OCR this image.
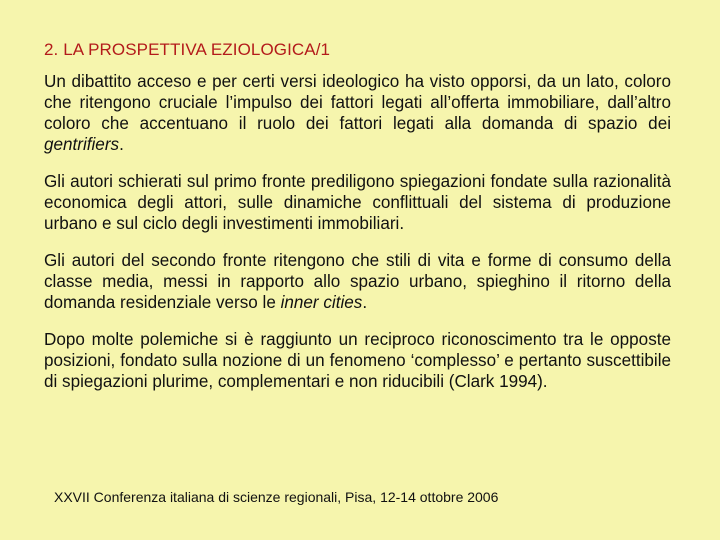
2. LA PROSPETTIVA EZIOLOGICA/1

Un dibattito acceso e per certi versi ideologico ha visto opporsi, da un lato, coloro che ritengono cruciale l’impulso dei fattori legati all’offerta immobiliare, dall’altro coloro che accentuano il ruolo dei fattori legati alla domanda di spazio dei gentrifiers.

Gli autori schierati sul primo fronte prediligono spiegazioni fondate sulla razionalità economica degli attori, sulle dinamiche conflittuali del sistema di produzione urbano e sul ciclo degli investimenti immobiliari.

Gli autori del secondo fronte ritengono che stili di vita e forme di consumo della classe media, messi in rapporto allo spazio urbano, spieghino il ritorno della domanda residenziale verso le inner cities.

Dopo molte polemiche si è raggiunto un reciproco riconoscimento tra le opposte posizioni, fondato sulla nozione di un fenomeno ‘complesso’ e pertanto suscettibile di spiegazioni plurime, complementari e non riducibili (Clark 1994).

XXVII Conferenza italiana di scienze regionali, Pisa, 12-14 ottobre 2006
